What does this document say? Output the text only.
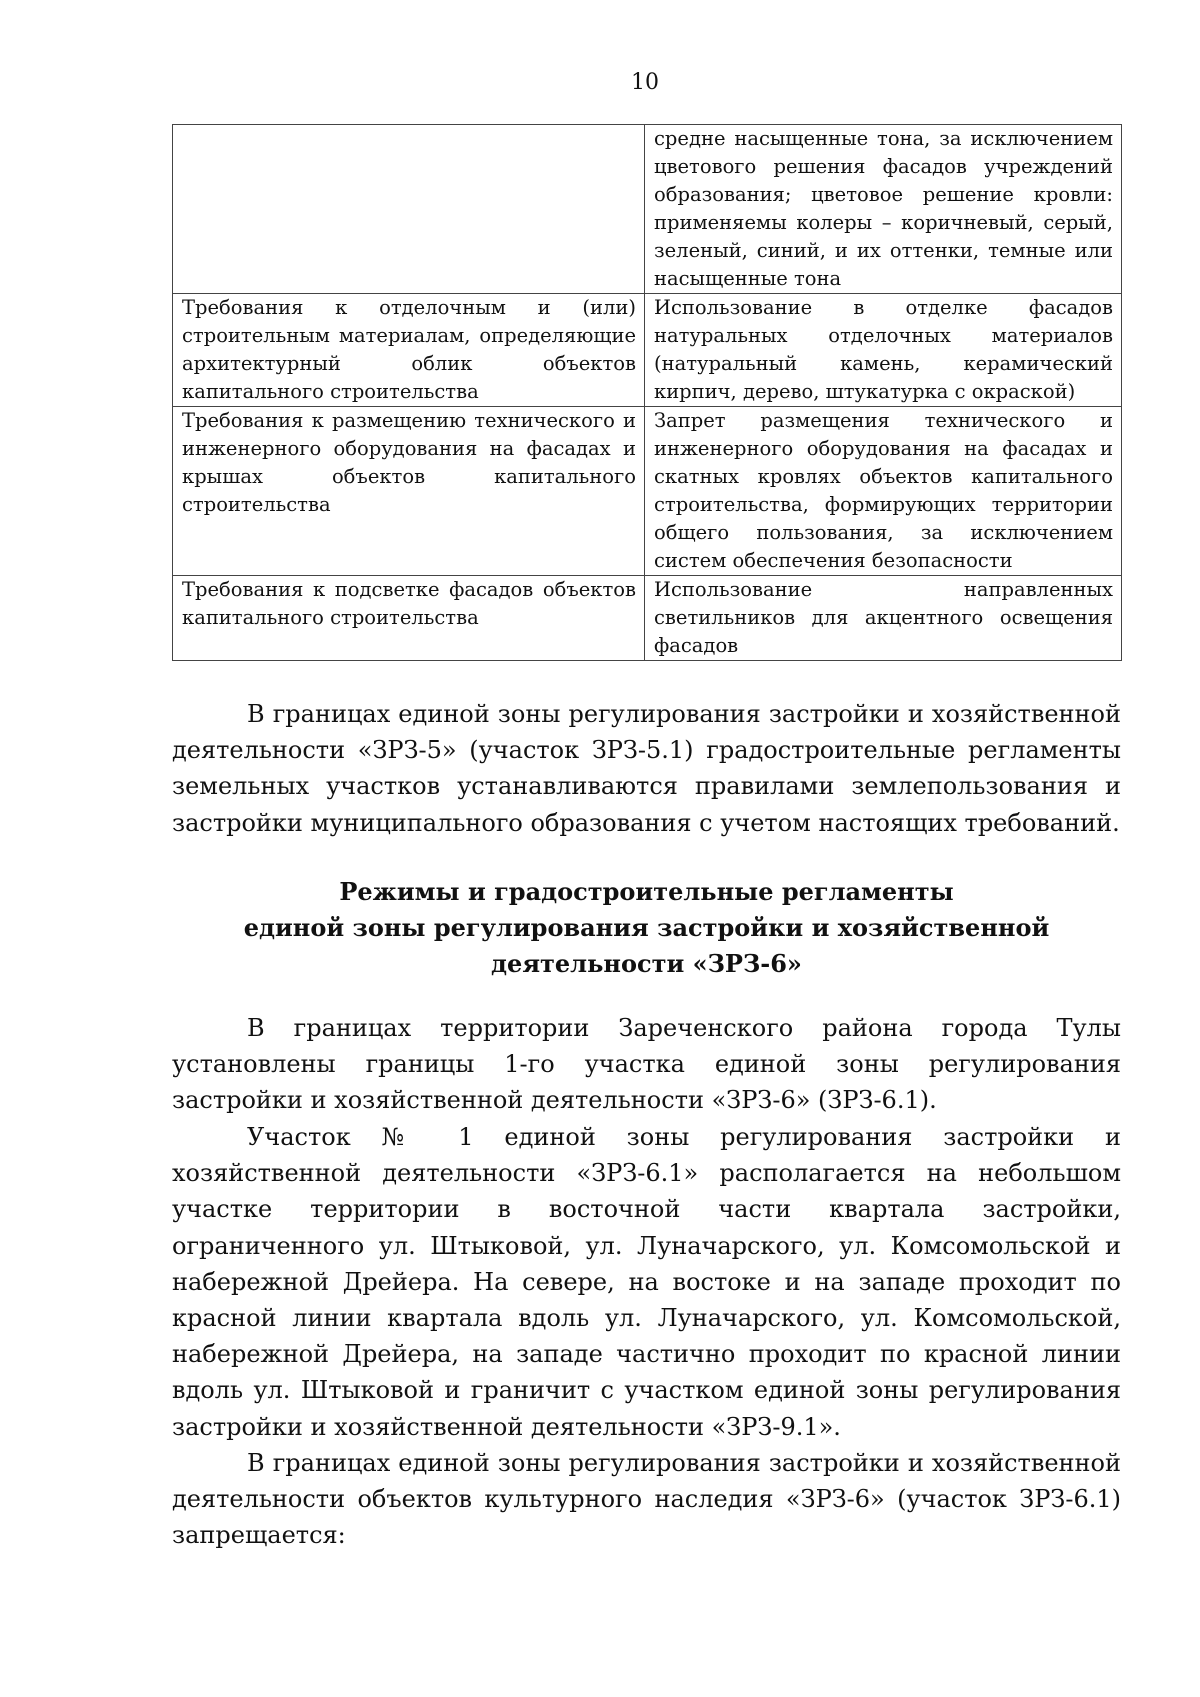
10
	средне насыщенные тона, за исключением цветового решения фасадов учреждений образования; цветовое решение кровли: применяемы колеры – коричневый, серый, зеленый, синий, и их оттенки, темные или насыщенные тона
Требования к отделочным и (или) строительным материалам, определяющие архитектурный облик объектов капитального строительства	Использование в отделке фасадов натуральных отделочных материалов (натуральный камень, керамический кирпич, дерево, штукатурка с окраской)
Требования к размещению технического и инженерного оборудования на фасадах и крышах объектов капитального строительства	Запрет размещения технического и инженерного оборудования на фасадах и скатных кровлях объектов капитального строительства, формирующих территории общего пользования, за исключением систем обеспечения безопасности
Требования к подсветке фасадов объектов капитального строительства	Использование направленных светильников для акцентного освещения фасадов

В границах единой зоны регулирования застройки и хозяйственной деятельности «ЗРЗ-5» (участок ЗРЗ-5.1) градостроительные регламенты земельных участков устанавливаются правилами землепользования и застройки муниципального образования с учетом настоящих требований.

Режимы и градостроительные регламенты
единой зоны регулирования застройки и хозяйственной
деятельности «ЗРЗ-6»

В границах территории Зареченского района города Тулы установлены границы 1-го участка единой зоны регулирования застройки и хозяйственной деятельности «ЗРЗ-6» (ЗРЗ-6.1).

Участок № 1 единой зоны регулирования застройки и хозяйственной деятельности «ЗРЗ-6.1» располагается на небольшом участке территории в восточной части квартала застройки, ограниченного ул. Штыковой, ул. Луначарского, ул. Комсомольской и набережной Дрейера. На севере, на востоке и на западе проходит по красной линии квартала вдоль ул. Луначарского, ул. Комсомольской, набережной Дрейера, на западе частично проходит по красной линии вдоль ул. Штыковой и граничит с участком единой зоны регулирования застройки и хозяйственной деятельности «ЗРЗ-9.1».

В границах единой зоны регулирования застройки и хозяйственной деятельности объектов культурного наследия «ЗРЗ-6» (участок ЗРЗ-6.1) запрещается:
